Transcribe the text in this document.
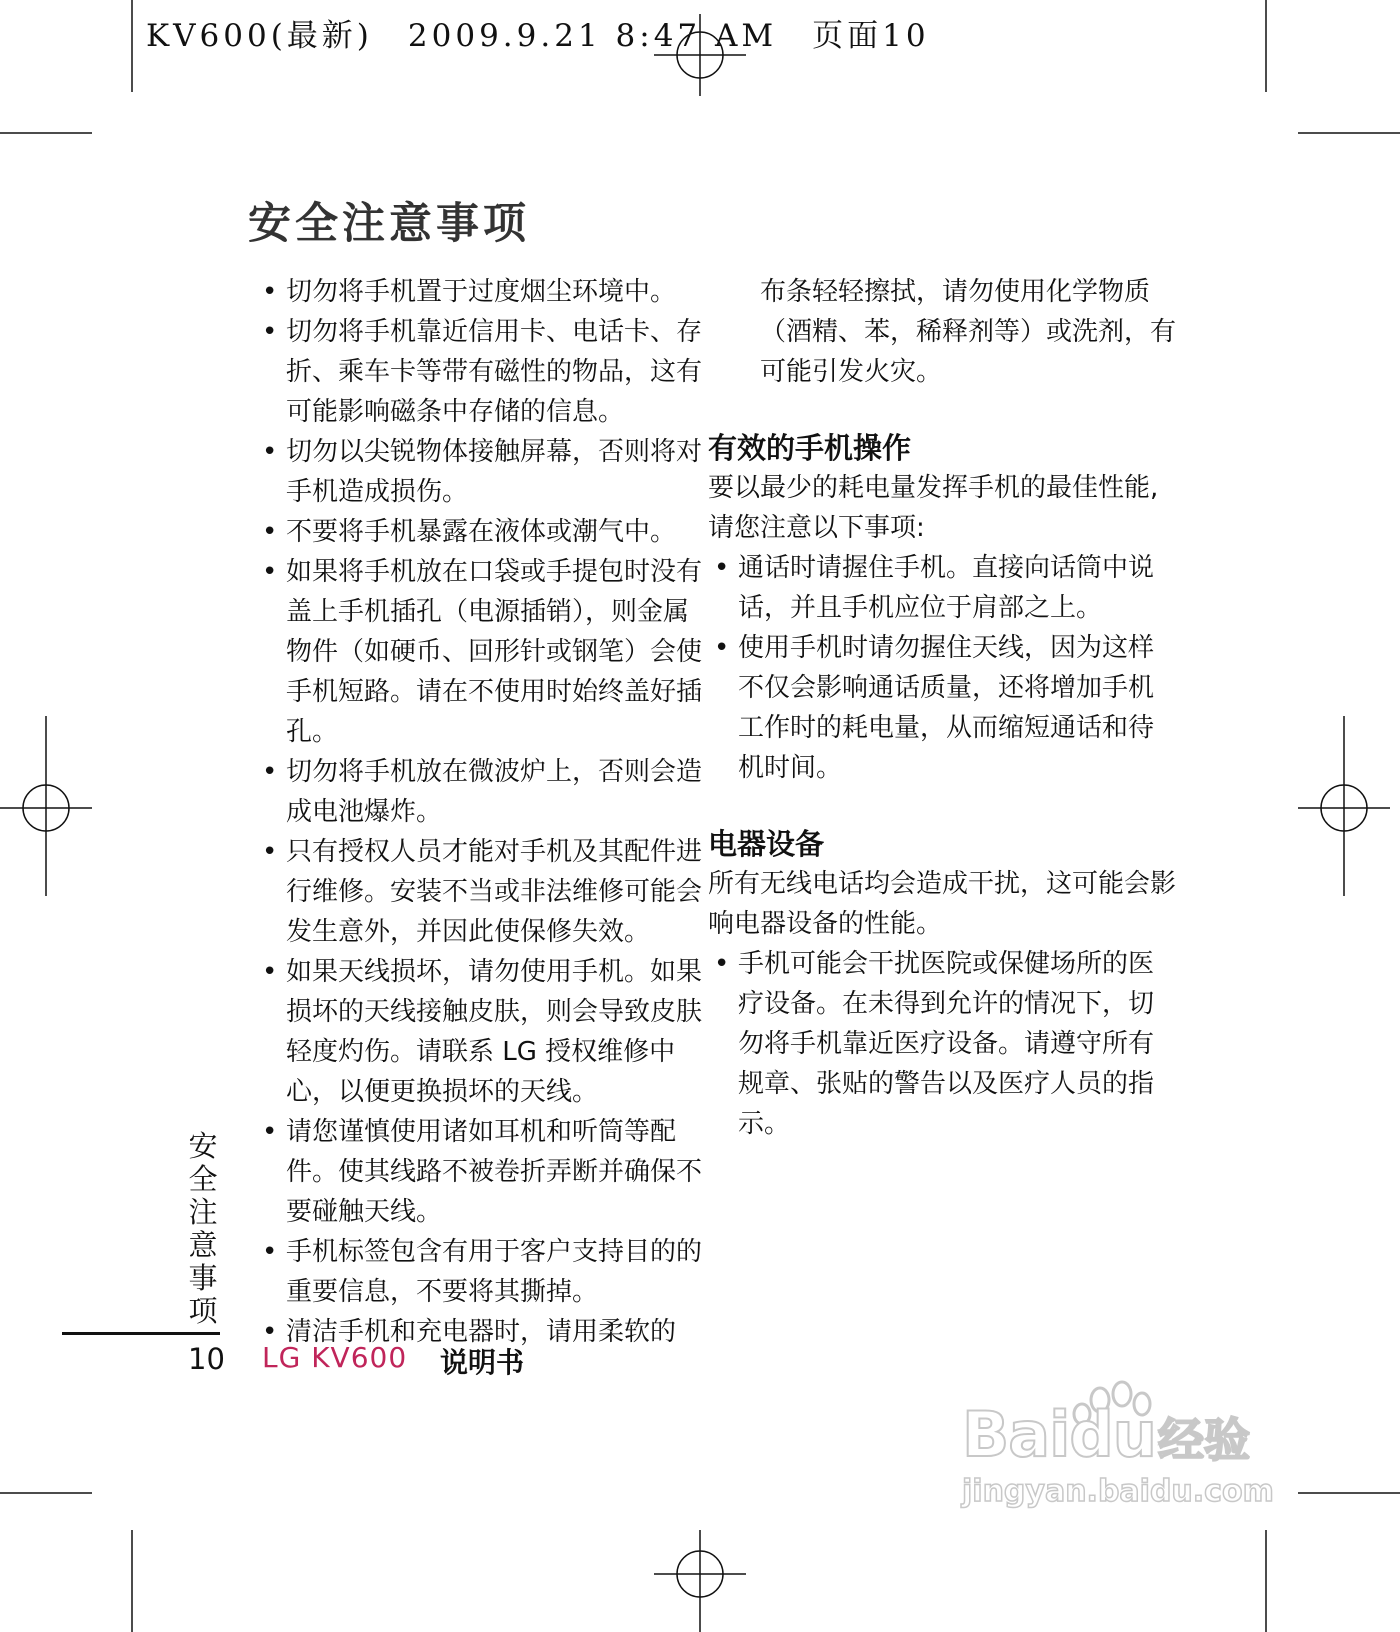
KV600(最新)　2009.9.21 8:47 AM　页面10
安全注意事项
• 切勿将手机置于过度烟尘环境中。
• 切勿将手机靠近信用卡、电话卡、存折、乘车卡等带有磁性的物品，这有可能影响磁条中存储的信息。
• 切勿以尖锐物体接触屏幕，否则将对手机造成损伤。
• 不要将手机暴露在液体或潮气中。
• 如果将手机放在口袋或手提包时没有盖上手机插孔（电源插销），则金属物件（如硬币、回形针或钢笔）会使手机短路。请在不使用时始终盖好插孔。
• 切勿将手机放在微波炉上，否则会造成电池爆炸。
• 只有授权人员才能对手机及其配件进行维修。安装不当或非法维修可能会发生意外，并因此使保修失效。
• 如果天线损坏，请勿使用手机。如果损坏的天线接触皮肤，则会导致皮肤轻度灼伤。请联系 LG 授权维修中心，以便更换损坏的天线。
• 请您谨慎使用诸如耳机和听筒等配件。使其线路不被卷折弄断并确保不要碰触天线。
• 手机标签包含有用于客户支持目的的重要信息，不要将其撕掉。
• 清洁手机和充电器时，请用柔软的
布条轻轻擦拭，请勿使用化学物质（酒精、苯，稀释剂等）或洗剂，有可能引发火灾。
有效的手机操作

要以最少的耗电量发挥手机的最佳性能,请您注意以下事项:

• 通话时请握住手机。直接向话筒中说话，并且手机应位于肩部之上。
• 使用手机时请勿握住天线，因为这样不仅会影响通话质量，还将增加手机工作时的耗电量，从而缩短通话和待机时间。
电器设备

所有无线电话均会造成干扰，这可能会影响电器设备的性能。

• 手机可能会干扰医院或保健场所的医疗设备。在未得到允许的情况下，切勿将手机靠近医疗设备。请遵守所有规章、张贴的警告以及医疗人员的指示。
安
全
注
意
事
项
10 LG KV600 说明书
Baidu 经验
jingyan.baidu.com
